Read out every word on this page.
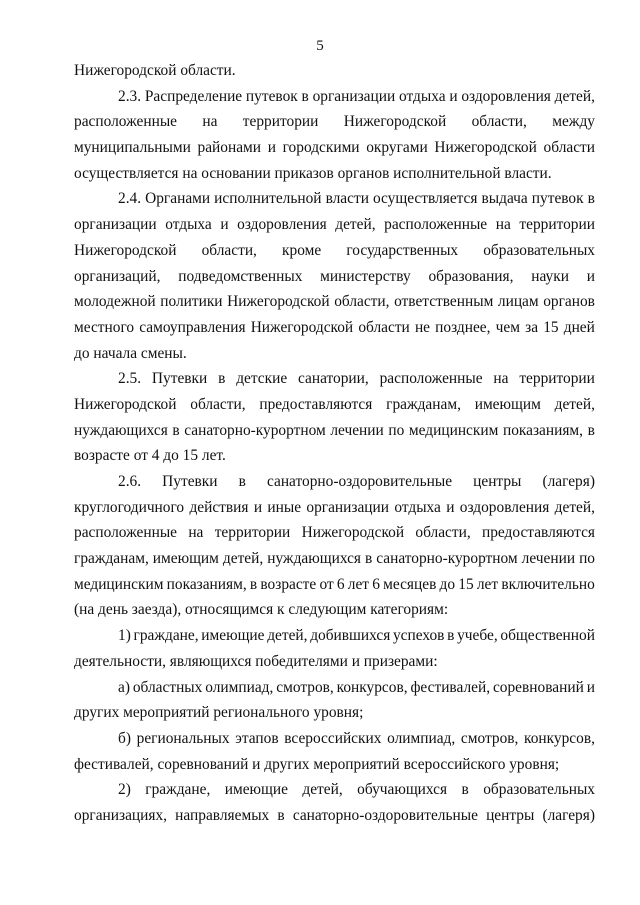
5
Нижегородской области.
2.3. Распределение путевок в организации отдыха и оздоровления детей,
расположенные на территории Нижегородской области, между
муниципальными районами и городскими округами Нижегородской области
осуществляется на основании приказов органов исполнительной власти.
2.4. Органами исполнительной власти осуществляется выдача путевок в
организации отдыха и оздоровления детей, расположенные на территории
Нижегородской области, кроме государственных образовательных
организаций, подведомственных министерству образования, науки и
молодежной политики Нижегородской области, ответственным лицам органов
местного самоуправления Нижегородской области не позднее, чем за 15 дней
до начала смены.
2.5. Путевки в детские санатории, расположенные на территории
Нижегородской области, предоставляются гражданам, имеющим детей,
нуждающихся в санаторно-курортном лечении по медицинским показаниям, в
возрасте от 4 до 15 лет.
2.6. Путевки в санаторно-оздоровительные центры (лагеря)
круглогодичного действия и иные организации отдыха и оздоровления детей,
расположенные на территории Нижегородской области, предоставляются
гражданам, имеющим детей, нуждающихся в санаторно-курортном лечении по
медицинским показаниям, в возрасте от 6 лет 6 месяцев до 15 лет включительно
(на день заезда), относящимся к следующим категориям:
1) граждане, имеющие детей, добившихся успехов в учебе, общественной
деятельности, являющихся победителями и призерами:
а) областных олимпиад, смотров, конкурсов, фестивалей, соревнований и
других мероприятий регионального уровня;
б) региональных этапов всероссийских олимпиад, смотров, конкурсов,
фестивалей, соревнований и других мероприятий всероссийского уровня;
2) граждане, имеющие детей, обучающихся в образовательных
организациях, направляемых в санаторно-оздоровительные центры (лагеря)
